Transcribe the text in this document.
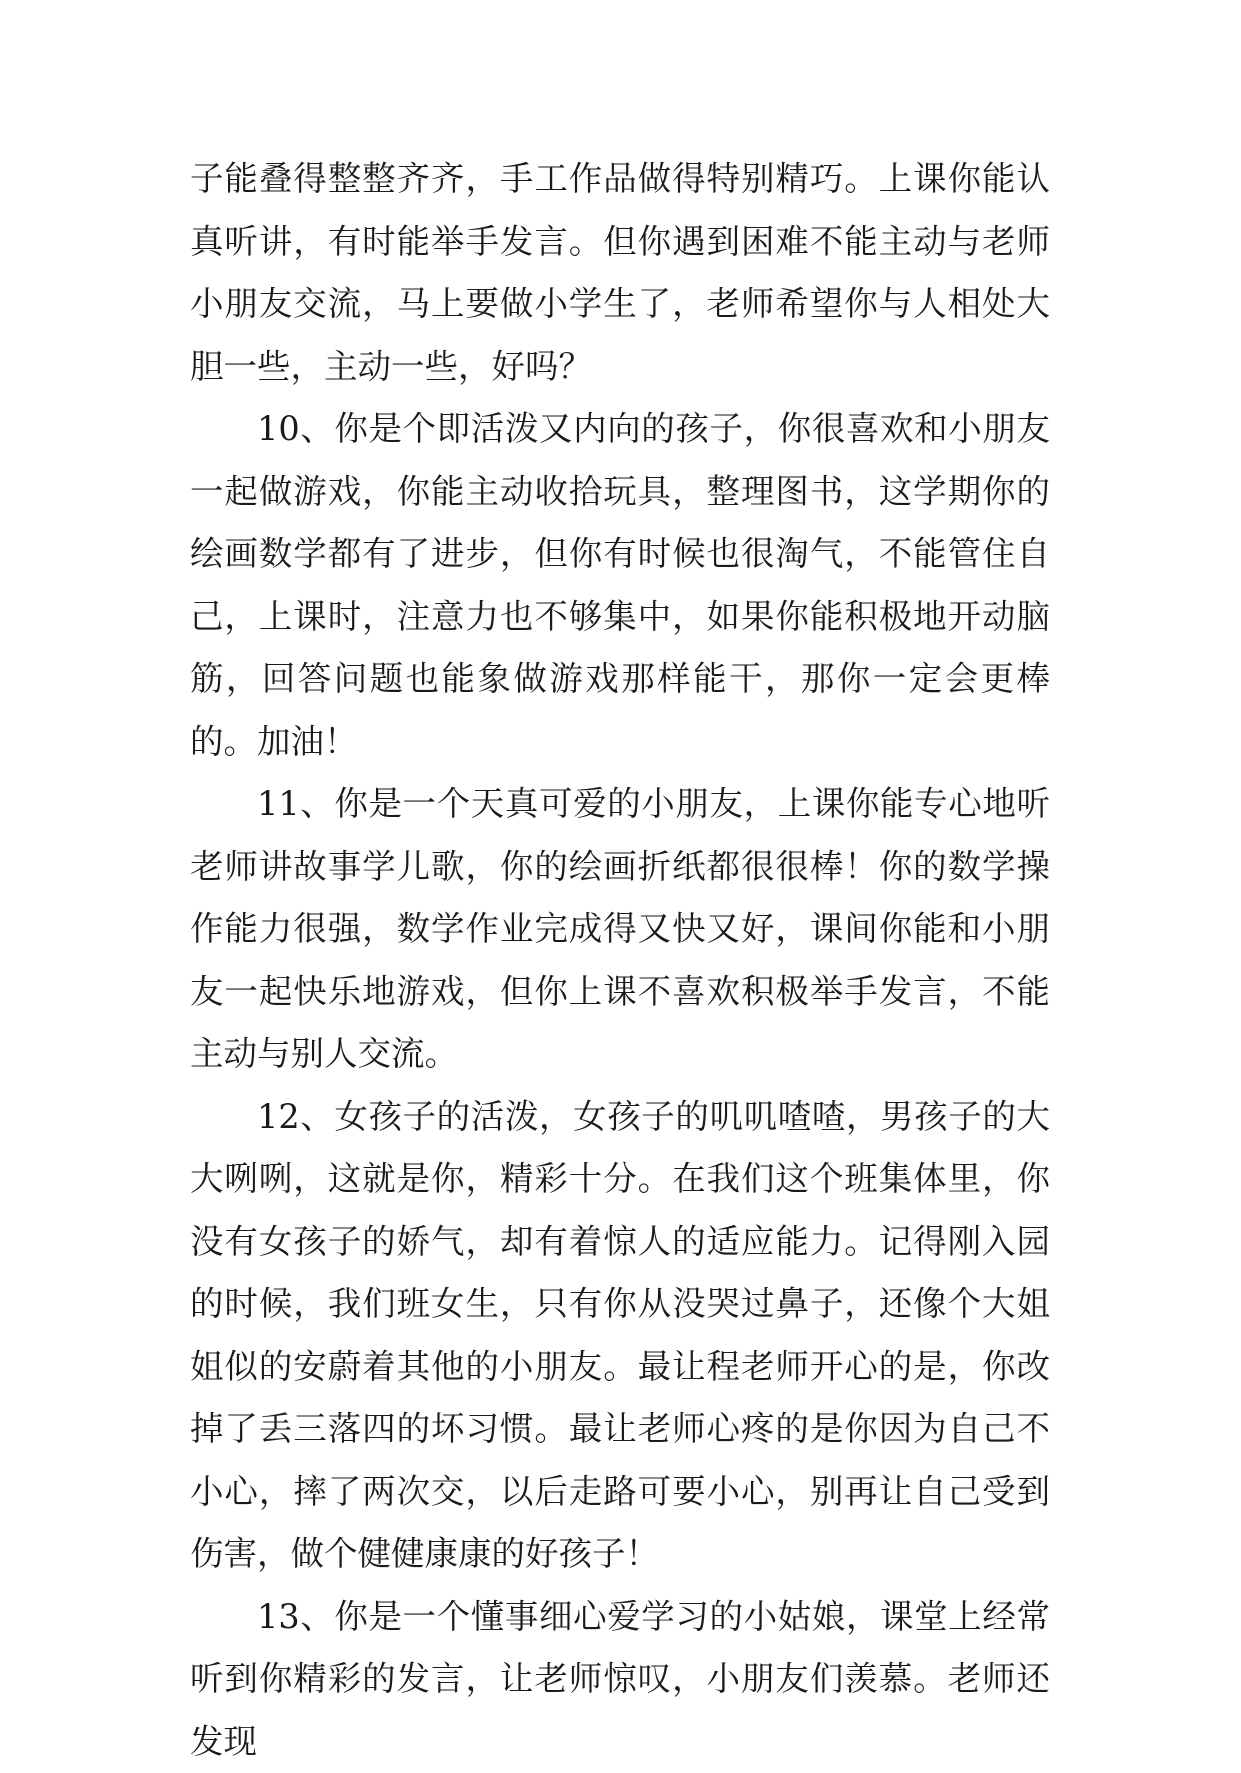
子能叠得整整齐齐，手工作品做得特别精巧。上课你能认真听讲，有时能举手发言。但你遇到困难不能主动与老师小朋友交流，马上要做小学生了，老师希望你与人相处大胆一些，主动一些，好吗？

10、你是个即活泼又内向的孩子，你很喜欢和小朋友一起做游戏，你能主动收拾玩具，整理图书，这学期你的绘画数学都有了进步，但你有时候也很淘气，不能管住自己，上课时，注意力也不够集中，如果你能积极地开动脑筋，回答问题也能象做游戏那样能干，那你一定会更棒的。加油！

11、你是一个天真可爱的小朋友，上课你能专心地听老师讲故事学儿歌，你的绘画折纸都很很棒！你的数学操作能力很强，数学作业完成得又快又好，课间你能和小朋友一起快乐地游戏，但你上课不喜欢积极举手发言，不能主动与别人交流。

12、女孩子的活泼，女孩子的叽叽喳喳，男孩子的大大咧咧，这就是你，精彩十分。在我们这个班集体里，你没有女孩子的娇气，却有着惊人的适应能力。记得刚入园的时候，我们班女生，只有你从没哭过鼻子，还像个大姐姐似的安蔚着其他的小朋友。最让程老师开心的是，你改掉了丢三落四的坏习惯。最让老师心疼的是你因为自己不小心，摔了两次交，以后走路可要小心，别再让自己受到伤害，做个健健康康的好孩子！

13、你是一个懂事细心爱学习的小姑娘，课堂上经常听到你精彩的发言，让老师惊叹，小朋友们羡慕。老师还发现
